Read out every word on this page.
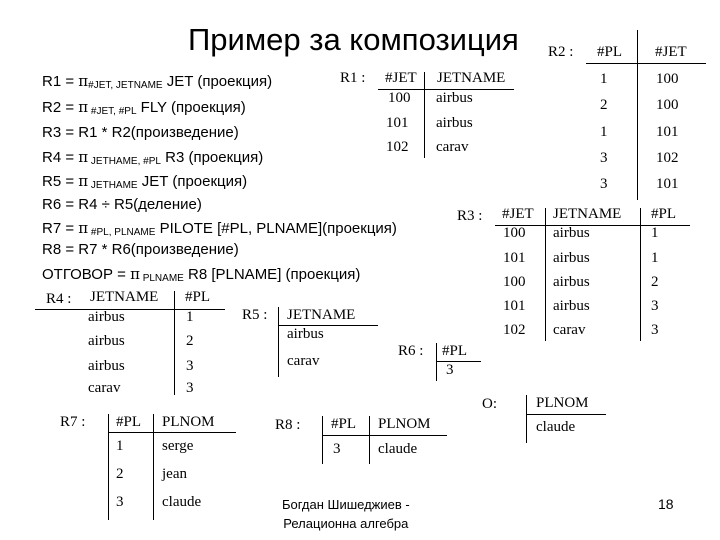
Пример за композиция
$R1 = \pi_{\#JET, JETNAME}$ JET (проекция)
R2 = π $_{\#JET, \#PL}$ FLY (проекция)
R3 = R1 * R2(произведение)
R4 = π $_{JETHAME, \#PL}$ R3 (проекция)
R5 = π $_{JETHAME}$ JET (проекция)
R6 = R4 ÷ R5(деление)
R7 = π $_{\#PL, PLNAME}$ PILOTE [#PL, PLNAME](проекция)
R8 = R7 * R6(произведение)
ОТГОВОР = π $_{PLNAME}$ R8 [PLNAME] (проекция)
R1 : #JET JETNAME
100 airbus
101 airbus
102 carav
R2 : #PL #JET
1	100
2	100
1	101
3	102
3	101
R3 : #JET JETNAME #PL
100 airbus	1
101 airbus	1
100 airbus	2
101 airbus	3
102 carav	3
R4 : JETNAME #PL
airbus	1
airbus	2
airbus	3
carav	3
R5 : JETNAME
airbus
carav
R6 : #PL
3
R7 : #PL PLNOM
1	serge
2	jean
3	claude
R8 : #PL PLNOM
3	claude
O:	PLNOM
claude
Богдан Шишеджиев -
Релационна алгебра
18
